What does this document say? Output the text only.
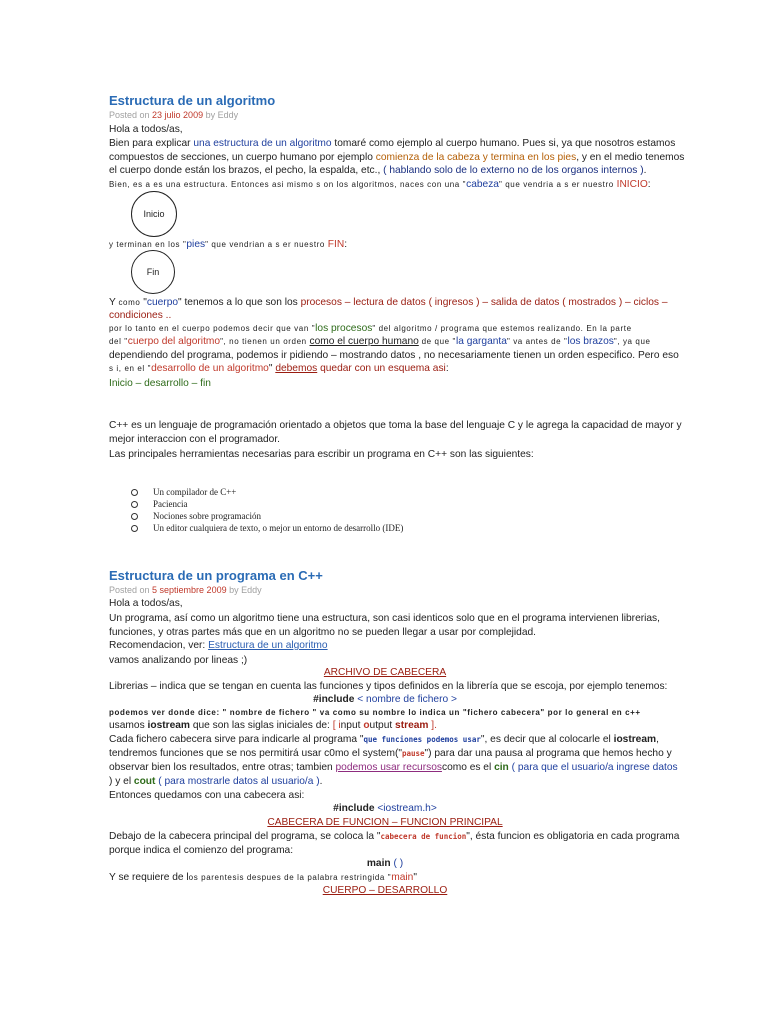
Estructura de un algoritmo
Posted on 23 julio 2009 by Eddy
Hola a todos/as,
Bien para explicar una estructura de un algoritmo tomaré como ejemplo al cuerpo humano. Pues si, ya que nosotros estamos
compuestos de secciones, un cuerpo humano por ejemplo comienza de la cabeza y termina en los pies, y en el medio tenemos
el cuerpo donde están los brazos, el pecho, la espalda, etc., ( hablando solo de lo externo no de los organos internos ).
Bien, es a es una estructura. Entonces asi mismo s on los algoritmos, naces con una "cabeza" que vendria a s er nuestro INICIO:
Inicio
y terminan en los "pies" que vendrian a s er nuestro FIN:
Fin
Y como "cuerpo" tenemos a lo que son los procesos – lectura de datos ( ingresos ) – salida de datos ( mostrados ) – ciclos –
condiciones ..
por lo tanto en el cuerpo podemos decir que van "los procesos" del algoritmo / programa que estemos realizando. En la parte
del "cuerpo del algoritmo", no tienen un orden como el cuerpo humano de que "la garganta" va antes de "los brazos", ya que
dependiendo del programa, podemos ir pidiendo – mostrando datos , no necesariamente tienen un orden especifico. Pero eso
s i, en el "desarrollo de un algoritmo" debemos quedar con un esquema asi:
Inicio – desarrollo – fin
C++ es un lenguaje de programación orientado a objetos que toma la base del lenguaje C y le agrega la capacidad de mayor y
mejor interaccion con el programador.
Las principales herramientas necesarias para escribir un programa en C++ son las siguientes:
Un compilador de C++
Paciencia
Nociones sobre programación
Un editor cualquiera de texto, o mejor un entorno de desarrollo (IDE)
Estructura de un programa en C++
Posted on 5 septiembre 2009 by Eddy
Hola a todos/as,
Un programa, así como un algoritmo tiene una estructura, son casi identicos solo que en el programa intervienen librerias,
funciones, y otras partes más que en un algoritmo no se pueden llegar a usar por complejidad.
Recomendacion, ver: Estructura de un algoritmo
vamos analizando por lineas ;)
ARCHIVO DE CABECERA
Librerias – indica que se tengan en cuenta las funciones y tipos definidos en la librería que se escoja, por ejemplo tenemos:
#include < nombre de fichero >
podemos ver donde dice: " nombre de fichero " va como su nombre lo indica un "fichero cabecera" por lo general en c++
usamos iostream que son las siglas iniciales de: [ input output stream ].
Cada fichero cabecera sirve para indicarle al programa "que funciones podemos usar", es decir que al colocarle el iostream,
tendremos funciones que se nos permitirá usar c0mo el system("pause") para dar una pausa al programa que hemos hecho y
observar bien los resultados, entre otras; tambien podemos usar recursoscomo es el cin ( para que el usuario/a ingrese datos
) y el cout ( para mostrarle datos al usuario/a ).
Entonces quedamos con una cabecera asi:
#include <iostream.h>
CABECERA DE FUNCION – FUNCION PRINCIPAL
Debajo de la cabecera principal del programa, se coloca la "cabecera de funcion", ésta funcion es obligatoria en cada programa
porque indica el comienzo del programa:
main ( )
Y se requiere de los parentesis despues de la palabra restringida "main"
CUERPO – DESARROLLO
